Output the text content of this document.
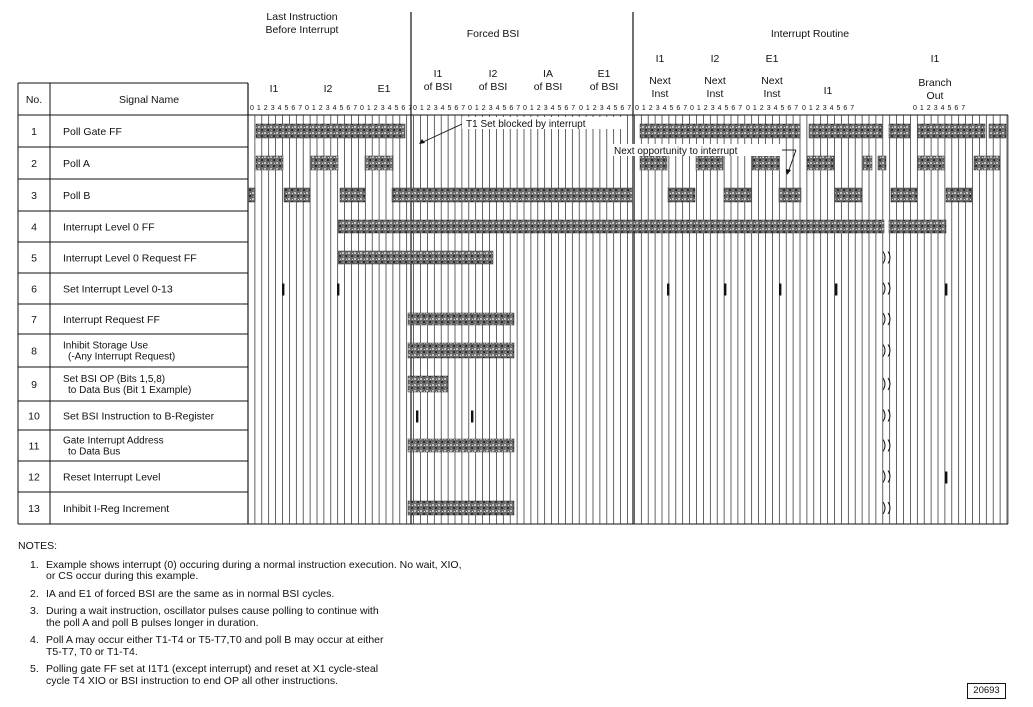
No.	Signal Name
1 Poll Gate FF
2 Poll A
3 Poll B
4 Interrupt Level 0 FF
5 Interrupt Level 0 Request FF
6 Set Interrupt Level 0-13
7 Interrupt Request FF
8	Inhibit Storage Use
(-Any Interrupt Request)
9	Set BSI OP (Bits 1,5,8)
to Data Bus (Bit 1 Example)
10 Set BSI Instruction to B-Register
11 Gate Interrupt Address
to Data Bus
12 Reset Interrupt Level
13 Inhibit I-Reg Increment
0 1 2 3 4 5 6 7 0 1 2 3 4 5 6 7 0 1 2 3 4 5 6 7 0 1 2 3 4 5 6 7 0 1 2 3 4 5 6 7 0 1 2 3 4 5 6 7 0 1 2 3 4 5 6 7 0 1 2 3 4 5 6 7 0 1 2 3 4 5 6 7 0 1 2 3 4 5 6 7 0 1 2 3 4 5 6 7	0 1 2 3 4 5 6 7
Last Instruction
Before Interrupt	Forced BSI	Interrupt Routine
I1	I2	E1
I1
of BSI
I2
of BSI
IA
of BSI
E1
of BSI
I1
Next
Inst
I2
Next
Inst
E1
Next
Inst	I1
I1
Branch
Out
T1 Set blocked by interrupt
Next opportunity to interrupt
NOTES:
1. Example shows interrupt (0) occuring during a normal instruction execution. No wait, XIO,
or CS occur during this example.
2. IA and E1 of forced BSI are the same as in normal BSI cycles.
3. During a wait instruction, oscillator pulses cause polling to continue with
the poll A and poll B pulses longer in duration.
4. Poll A may occur either T1-T4 or T5-T7,T0 and poll B may occur at either
T5-T7, T0 or T1-T4.
5. Polling gate FF set at I1T1 (except interrupt) and reset at X1 cycle-steal
cycle T4 XIO or BSI instruction to end OP all other instructions.
20693
